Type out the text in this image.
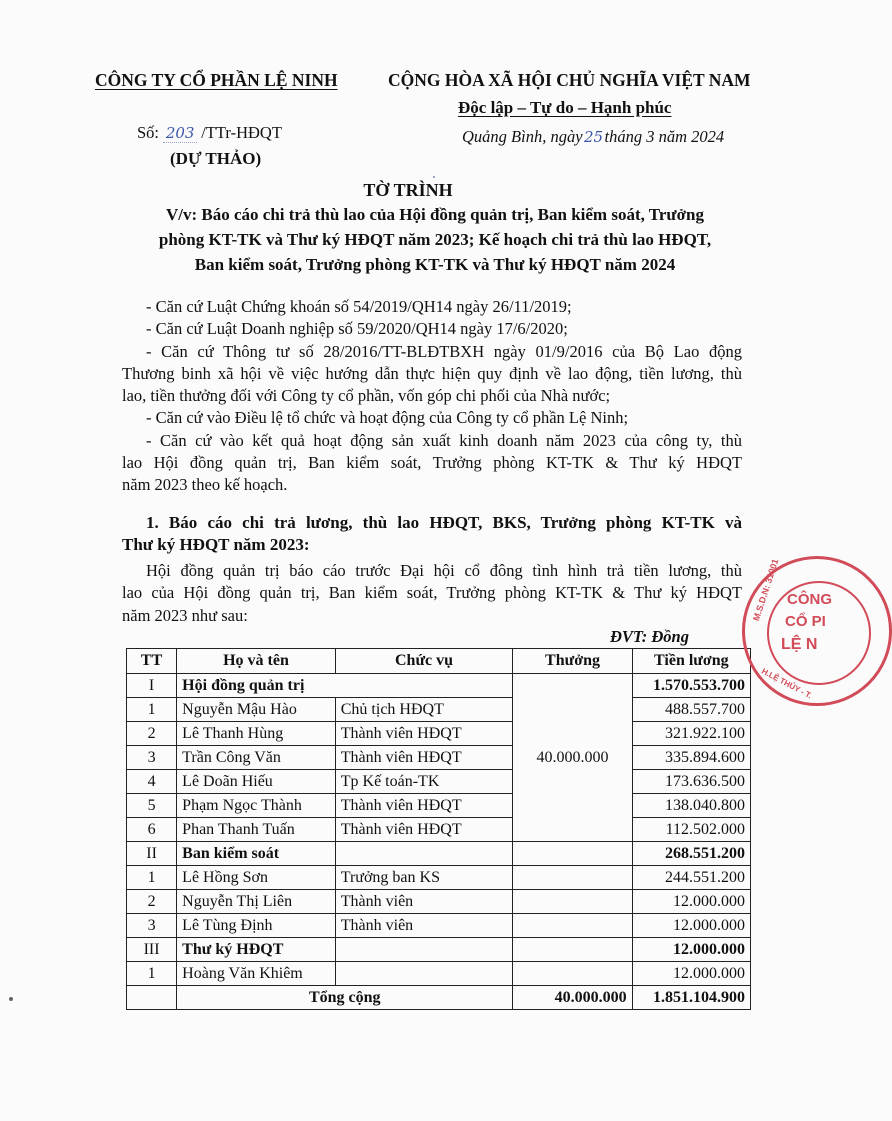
CÔNG TY CỔ PHẦN LỆ NINH	CỘNG HÒA XÃ HỘI CHỦ NGHĨA VIỆT NAM
Độc lập – Tự do – Hạnh phúc
Số: 203 /TTr-HĐQT
(DỰ THẢO)
Quảng Bình, ngày25tháng 3 năm 2024
TỜ TRÌNH
V/v: Báo cáo chi trả thù lao của Hội đồng quản trị, Ban kiểm soát, Trưởng
phòng KT-TK và Thư ký HĐQT năm 2023; Kế hoạch chi trả thù lao HĐQT,
Ban kiểm soát, Trưởng phòng KT-TK và Thư ký HĐQT năm 2024

- Căn cứ Luật Chứng khoán số 54/2019/QH14 ngày 26/11/2019;

- Căn cứ Luật Doanh nghiệp số 59/2020/QH14 ngày 17/6/2020;

- Căn cứ Thông tư số 28/2016/TT-BLĐTBXH ngày 01/9/2016 của Bộ Lao động

Thương binh xã hội về việc hướng dẫn thực hiện quy định về lao động, tiền lương, thù

lao, tiền thưởng đối với Công ty cổ phần, vốn góp chi phối của Nhà nước;

- Căn cứ vào Điều lệ tổ chức và hoạt động của Công ty cổ phần Lệ Ninh;

- Căn cứ vào kết quả hoạt động sản xuất kinh doanh năm 2023 của công ty, thù

lao Hội đồng quản trị, Ban kiểm soát, Trưởng phòng KT-TK & Thư ký HĐQT

năm 2023 theo kế hoạch.

1. Báo cáo chi trả lương, thù lao HĐQT, BKS, Trưởng phòng KT-TK và

Thư ký HĐQT năm 2023:

Hội đồng quản trị báo cáo trước Đại hội cổ đông tình hình trả tiền lương, thù

lao của Hội đồng quản trị, Ban kiểm soát, Trưởng phòng KT-TK & Thư ký HĐQT

năm 2023 như sau:

ĐVT: Đồng
TT	Họ và tên	Chức vụ	Thưởng	Tiền lương
I	Hội đồng quản trị		40.000.000	1.570.553.700
1	Nguyễn Mậu Hào	Chủ tịch HĐQT		488.557.700
2	Lê Thanh Hùng	Thành viên HĐQT		321.922.100
3	Trần Công Văn	Thành viên HĐQT		335.894.600
4	Lê Doãn Hiếu	Tp Kế toán-TK		173.636.500
5	Phạm Ngọc Thành	Thành viên HĐQT		138.040.800
6	Phan Thanh Tuấn	Thành viên HĐQT		112.502.000
II	Ban kiểm soát			268.551.200
1	Lê Hồng Sơn	Trưởng ban KS		244.551.200
2	Nguyễn Thị Liên	Thành viên		12.000.000
3	Lê Tùng Định	Thành viên		12.000.000
III	Thư ký HĐQT			12.000.000
1	Hoàng Văn Khiêm			12.000.000
	Tổng cộng		40.000.000	1.851.104.900
M.S.D.N: 31001 CÔNG
CỔ PI
LỆ N
H.LỆ THỦY - T.
